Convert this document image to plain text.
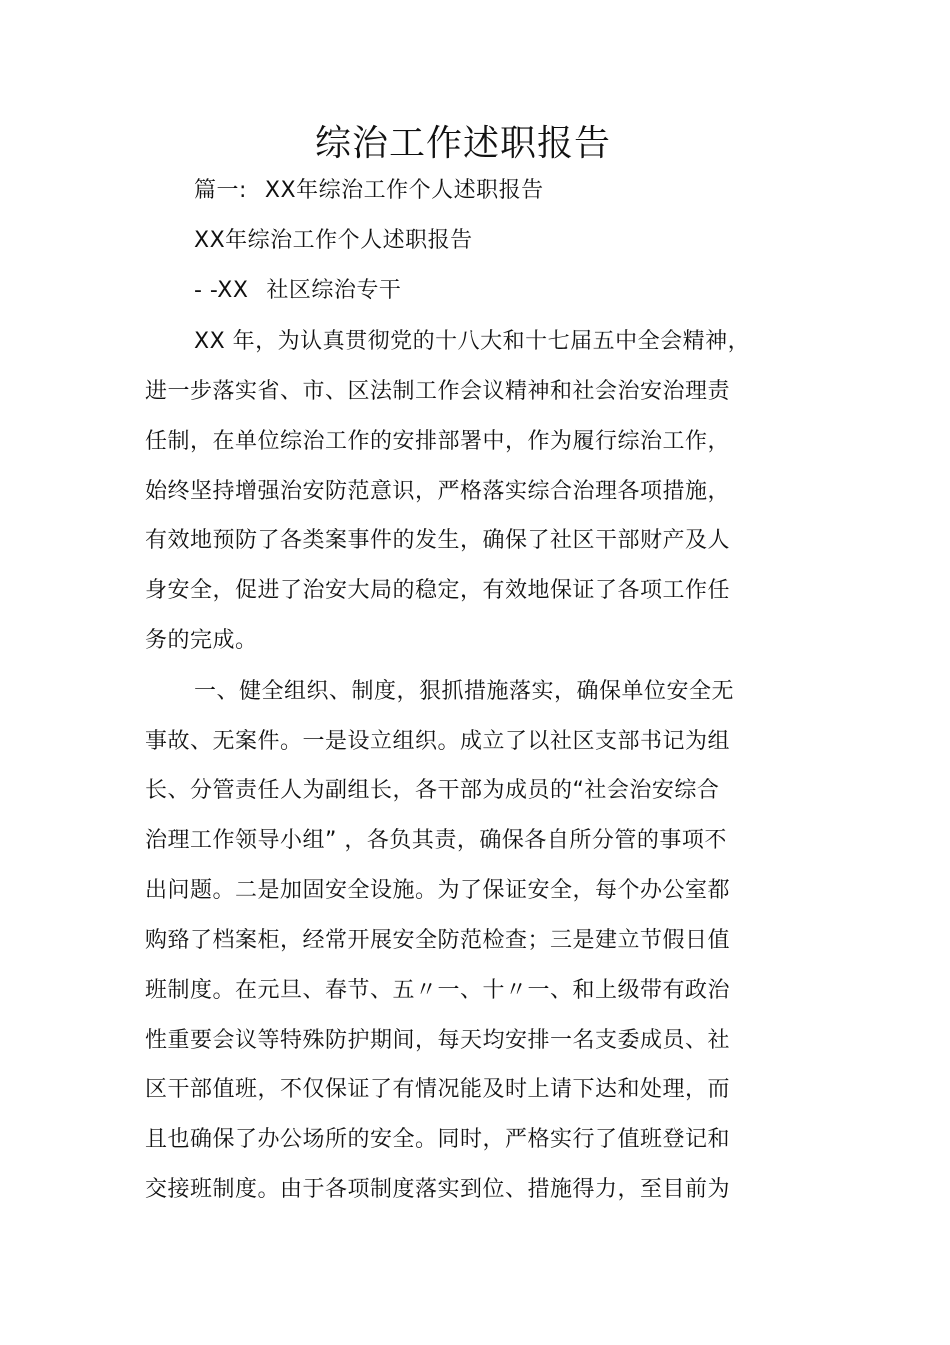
综治工作述职报告
篇一: XX年综治工作个人述职报告
XX年综治工作个人述职报告
- -XX 社区综治专干
XX 年，为认真贯彻党的十八大和十七届五中全会精神，
进一步落实省、市、区法制工作会议精神和社会治安治理责
任制，在单位综治工作的安排部署中，作为履行综治工作，
始终坚持增强治安防范意识，严格落实综合治理各项措施，
有效地预防了各类案事件的发生，确保了社区干部财产及人
身安全，促进了治安大局的稳定，有效地保证了各项工作任
务的完成。
一、健全组织、制度，狠抓措施落实，确保单位安全无
事故、无案件。一是设立组织。成立了以社区支部书记为组
长、分管责任人为副组长，各干部为成员的“社会治安综合
治理工作领导小组” ，各负其责，确保各自所分管的事项不
出问题。二是加固安全设施。为了保证安全，每个办公室都
购臵了档案柜，经常开展安全防范检查；三是建立节假日值
班制度。在元旦、春节、五〃一、十〃一、和上级带有政治
性重要会议等特殊防护期间，每天均安排一名支委成员、社
区干部值班，不仅保证了有情况能及时上请下达和处理，而
且也确保了办公场所的安全。同时，严格实行了值班登记和
交接班制度。由于各项制度落实到位、措施得力，至目前为
